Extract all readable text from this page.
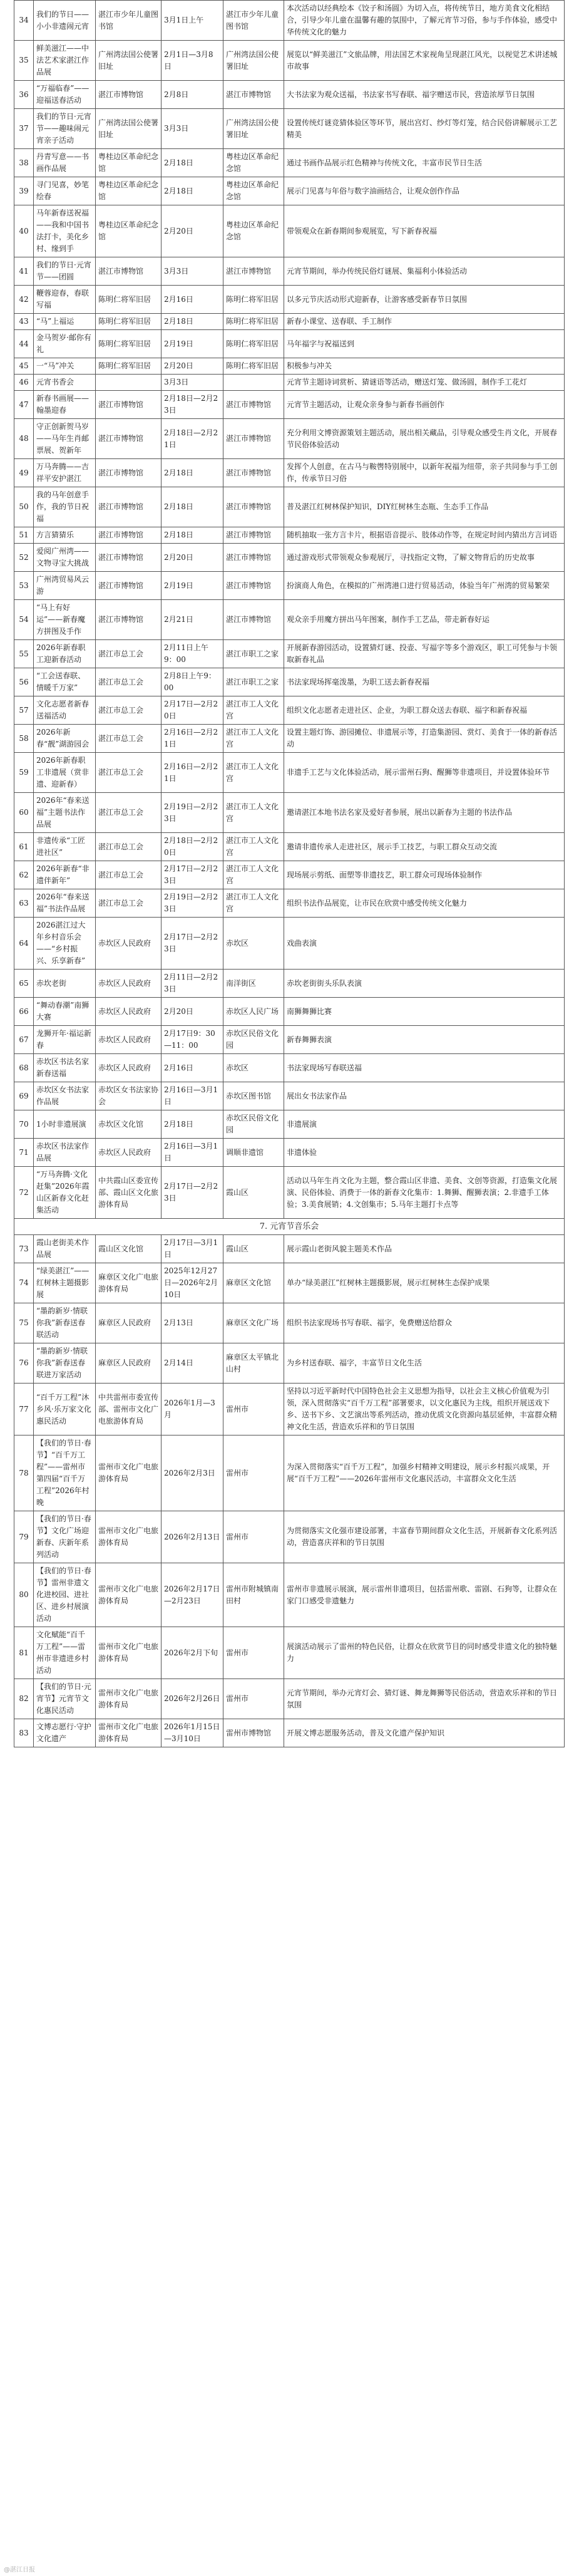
34	我们的节日——小小非遗闹元宵	湛江市少年儿童图书馆	3月1日上午	湛江市少年儿童图书馆	本次活动以经典绘本《饺子和汤圆》为切入点，将传统节日，地方美食文化相结合，引导少年儿童在温馨有趣的氛围中，了解元宵节习俗，参与手作体验，感受中华传统文化的魅力
35	鲜美滋江——中法艺术家湛江作品展	广州湾法国公使署旧址	2月1日—3月8日	广州湾法国公使署旧址	展览以“鲜美滋江”文旅品牌，用法国艺术家视角呈现湛江风光，以视觉艺术讲述城市故事
36	“万福临春”——迎福送春活动	湛江市博物馆	2月8日	湛江市博物馆	大书法家为观众送福，书法家书写春联、福字赠送市民，营造浓厚节日氛围
37	我们的节日·元宵节——趣味闹元宵亲子活动	广州湾法国公使署旧址	3月3日	广州湾法国公使署旧址	设置传统灯谜竞猜体验区等环节，展出宫灯、纱灯等灯笼，结合民俗讲解展示工艺精美
38	丹青写意——书画作品展	粤桂边区革命纪念馆	2月18日	粤桂边区革命纪念馆	通过书画作品展示红色精神与传统文化，丰富市民节日生活
39	寻门见喜，妙笔绘春	粤桂边区革命纪念馆	2月18日	粤桂边区革命纪念馆	展示门见喜与年俗与数字油画结合，让观众创作作品
40	马年新春送祝福——我和中国书法打卡，美化乡村、缘到手	粤桂边区革命纪念馆	2月20日	粤桂边区革命纪念馆	带领观众在新春期间参观展览，写下新春祝福
41	我们的节日·元宵节——团圆	湛江市博物馆	3月3日	湛江市博物馆	元宵节期间，举办传统民俗灯谜展、集福利小体验活动
42	鞭蓉迎春，春联写福	陈明仁将军旧居	2月16日	陈明仁将军旧居	以多元节庆活动形式迎新春，让游客感受新春节日氛围
43	“马”上福运	陈明仁将军旧居	2月18日	陈明仁将军旧居	新春小课堂、送春联、手工制作
44	金马贺岁·邮你有礼	陈明仁将军旧居	2月19日	陈明仁将军旧居	马年福字与祝福送到
45	一“马”冲关	陈明仁将军旧居	2月20日	陈明仁将军旧居	积极参与冲关
46	元宵书香会		3月3日		元宵节主题诗词赏析、猜谜语等活动，赠送灯笼、做汤圆，制作手工花灯
47	新春书画展——翰墨迎春	湛江市博物馆	2月18日—2月23日	湛江市博物馆	元宵节主题活动，让观众亲身参与新春书画创作
48	守正创新贺马岁——马年生肖邮票展、贺新年	湛江市博物馆	2月18日—2月21日	湛江市博物馆	充分利用文博资源策划主题活动，展出相关藏品，引导观众感受生肖文化，开展春节民俗体验活动
49	万马奔腾——吉祥平安护湛江	湛江市博物馆	2月18日	湛江市博物馆	发挥个人创意，在古马与鞍辔特别展中，以新年祝福为纽带，亲子共同参与手工创作，传承节日习俗
50	我的马年创意手作，我的节日祝福	湛江市博物馆	2月18日	湛江市博物馆	普及湛江红树林保护知识，DIY红树林生态瓶、生态手工作品
51	方言猜猜乐	湛江市博物馆	2月18日	湛江市博物馆	随机抽取一张方言卡片，根据语音提示、肢体动作等，在规定时间内猜出方言词语
52	爱阅广州湾——文物寻宝大挑战	湛江市博物馆	2月20日	湛江市博物馆	通过游戏形式带领观众参观展厅，寻找指定文物，了解文物背后的历史故事
53	广州湾贸易风云游	湛江市博物馆	2月19日	湛江市博物馆	扮演商人角色，在模拟的广州湾港口进行贸易活动，体验当年广州湾的贸易繁荣
54	“马上有好运”——新春魔方拼图及手作	湛江市博物馆	2月21日	湛江市博物馆	观众亲手用魔方拼出马年图案，制作手工艺品，带走新春好运
55	2026年新春职工迎新春活动	湛江市总工会	2月11日上午9：00	湛江市职工之家	开展新春游园活动，设置猜灯谜、投壶、写福字等多个游戏区，职工可凭参与卡领取新春礼品
56	“工会送春联、情暖千万家”	湛江市总工会	2月8日上午9：00	湛江市职工之家	书法家现场挥毫泼墨，为职工送去新春祝福
57	文化志愿者新春送福活动	湛江市总工会	2月17日—2月20日	湛江市工人文化宫	组织文化志愿者走进社区、企业，为职工群众送去春联、福字和新春祝福
58	2026年新春“靓”湖游园会	湛江市总工会	2月16日—2月21日	湛江市工人文化宫	设置主题灯饰、游园摊位、非遗展示等，打造集游园、赏灯、美食于一体的新春活动
59	2026年新春职工非遗展（赏非遗、迎新春）	湛江市总工会	2月16日—2月21日	湛江市工人文化宫	非遗手工艺与文化体验活动，展示雷州石狗、醒狮等非遗项目，并设置体验环节
60	2026年“春来送福”主题书法作品展	湛江市总工会	2月19日—2月23日	湛江市工人文化宫	邀请湛江本地书法名家及爱好者参展，展出以新春为主题的书法作品
61	非遗传承“工匠进社区”	湛江市总工会	2月18日—2月20日	湛江市工人文化宫	邀请非遗传承人走进社区，展示手工技艺，与职工群众互动交流
62	2026年新春“非遗伴新年”	湛江市总工会	2月17日—2月23日	湛江市工人文化宫	现场展示剪纸、面塑等非遗技艺，职工群众可现场体验制作
63	2026年“春来送福”书法作品展	湛江市总工会	2月19日—2月23日	湛江市工人文化宫	组织书法作品展览，让市民在欣赏中感受传统文化魅力
64	2026湛江过大年乡村音乐会——“乡村振兴、乐享新春”	赤坎区人民政府	2月17日—2月23日	赤坎区	戏曲表演
65	赤坎老街	赤坎区人民政府	2月11日—2月23日	南洋街区	赤坎老街街头乐队表演
66	“舞动春潮”南狮大赛	赤坎区人民政府	2月20日	赤坎区人民广场	南狮舞狮比赛
67	龙狮开年·福运新春	赤坎区人民政府	2月17日9：30—11：00	赤坎区民俗文化园	新春舞狮表演
68	赤坎区书法名家新春送福	赤坎区人民政府	2月16日	赤坎区	书法家现场写春联送福
69	赤坎区女书法家作品展	赤坎区女书法家协会	2月16日—3月1日	赤坎区图书馆	展出女书法家作品
70	1小时非遗展演	赤坎区文化馆	2月18日	赤坎区民俗文化园	非遗展演
71	赤坎区书法家作品展	赤坎区人民政府	2月16日—3月1日	调顺非遗馆	非遗体验
72	“万马奔腾·文化赶集”2026年霞山区新春文化赶集活动	中共霞山区委宣传部、霞山区文化旅游体育局	2月17日—2月23日	霞山区	活动以马年生肖文化为主题，整合霞山区非遗、美食、文创等资源，打造集文化展演、民俗体验、消费于一体的新春文化集市：1.舞狮、醒狮表演；2.非遗手工体验；3.美食展销；4.文创集市；5.马年主题打卡点等
7. 元宵节音乐会					
73	霞山老街美术作品展	霞山区文化馆	2月17日—3月1日	霞山区	展示霞山老街风貌主题美术作品
74	“绿美湛江”——红树林主题摄影展	麻章区文化广电旅游体育局	2025年12月27日—2026年2月10日	麻章区文化馆	单办“绿美湛江”红树林主题摄影展，展示红树林生态保护成果
75	“墨韵新岁·情联你我”新春送春联活动	麻章区人民政府	2月13日	麻章区文化广场	组织书法家现场书写春联、福字，免费赠送给群众
76	“墨韵新岁·情联你我”新春送春联进万家活动	麻章区人民政府	2月14日	麻章区太平镇北山村	为乡村送春联、福字，丰富节日文化生活
77	“百千万工程”沐乡风·乐万家文化惠民活动	中共雷州市委宣传部、雷州市文化广电旅游体育局	2026年1月—3月	雷州市	坚持以习近平新时代中国特色社会主义思想为指导，以社会主义核心价值观为引领，深入贯彻落实“百千万工程”部署要求，以文化惠民为主线，组织开展送戏下乡、送书下乡、文艺演出等系列活动，推动优质文化资源向基层延伸，丰富群众精神文化生活，营造欢乐祥和的节日氛围
78	【我们的节日·春节】“百千万工程”——雷州市第四届“百千万工程”2026年村晚	雷州市文化广电旅游体育局	2026年2月3日	雷州市	为深入贯彻落实“百千万工程”，加强乡村精神文明建设，展示乡村振兴成果，开展“百千万工程”——2026年雷州市文化惠民活动，丰富群众文化生活
79	【我们的节日·春节】文化广场迎新春、庆新年系列活动	雷州市文化广电旅游体育局	2026年2月13日	雷州市	为贯彻落实文化强市建设部署，丰富春节期间群众文化生活，开展新春文化系列活动，营造喜庆祥和的节日氛围
80	【我们的节日·春节】雷州非遗文化进校园、进社区、进乡村展演活动	雷州市文化广电旅游体育局	2026年2月17日—2月23日	雷州市附城镇南田村	雷州市非遗展示展演，展示雷州非遗项目，包括雷州歌、雷剧、石狗等，让群众在家门口感受非遗魅力
81	文化赋能“百千万工程”——雷州市非遗进乡村活动	雷州市文化广电旅游体育局	2026年2月下旬	雷州市	展演活动展示了雷州的特色民俗，让群众在欣赏节目的同时感受非遗文化的独特魅力
82	【我们的节日·元宵节】元宵节文化惠民活动	雷州市文化广电旅游体育局	2026年2月26日	雷州市	元宵节期间，举办元宵灯会、猜灯谜、舞龙舞狮等民俗活动，营造欢乐祥和的节日氛围
83	文博志愿行·守护文化遗产	雷州市文化广电旅游体育局	2026年1月15日—3月10日	雷州市博物馆	开展文博志愿服务活动，普及文化遗产保护知识
@湛江日报
